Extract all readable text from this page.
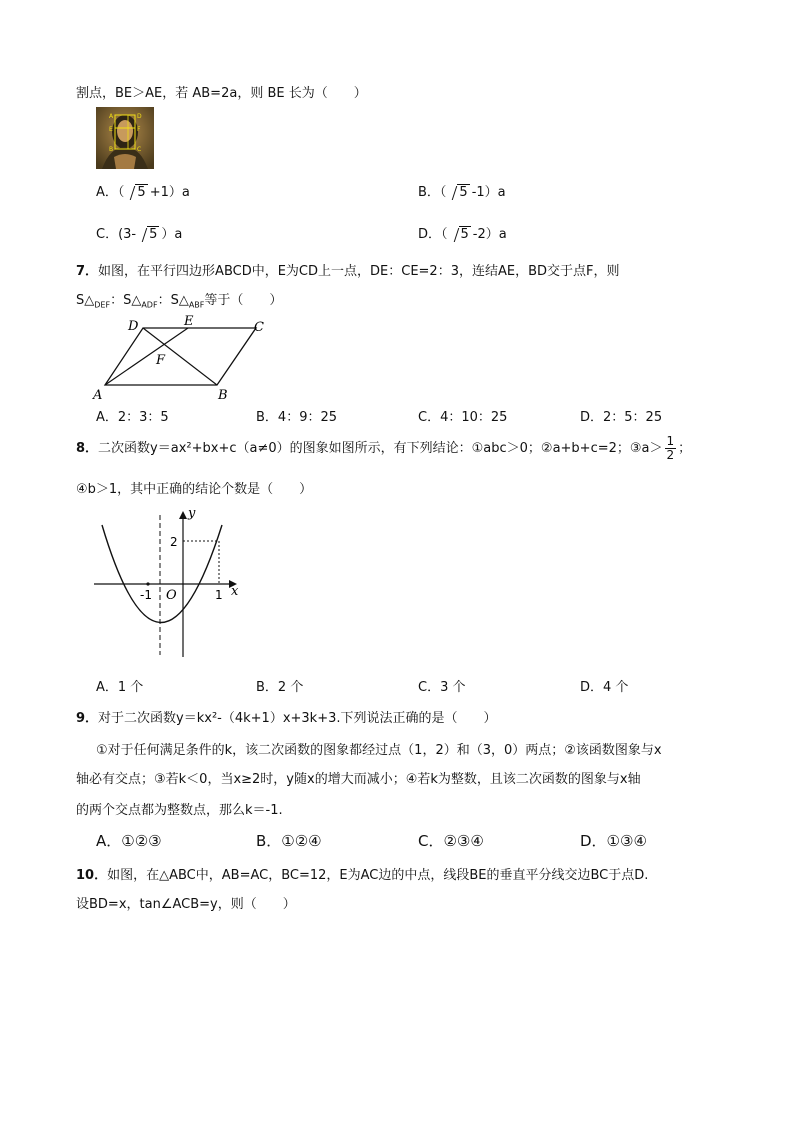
割点，BE＞AE，若 AB=2a，则 BE 长为（　　）
A	D
E	F
B	C
A．（ 5 +1）a	B．（ 5 -1）a
C．(3- 5 ）a	D．（ 5 -2）a
7．如图，在平行四边形ABCD中，E为CD上一点，DE：CE=2：3，连结AE，BD交于点F，则
$S\triangle_{DEF}$：$S\triangle_{ADF}$：$S\triangle_{ABF}$等于（　　）
D	E	C
F
A	B
A．2：3：5	B．4：9：25	C．4：10：25	D．2：5：25
8．二次函数y＝ax²+bx+c（a≠0）的图象如图所示，有下列结论：①abc＞0；②a+b+c=2；③a＞ $\frac{1}{2}$ ；
④b＞1，其中正确的结论个数是（　　）
y
x
2
-1 O	1
A．1 个	B．2 个	C．3 个	D．4 个
9．对于二次函数y＝kx²-（4k+1）x+3k+3.下列说法正确的是（　　）
①对于任何满足条件的k，该二次函数的图象都经过点（1，2）和（3，0）两点；②该函数图象与x
轴必有交点；③若k＜0，当x≥2时，y随x的增大而减小；④若k为整数，且该二次函数的图象与x轴
的两个交点都为整数点，那么k＝-1.
A．①②③	B．①②④	C．②③④	D．①③④
10．如图，在△ABC中，AB=AC，BC=12，E为AC边的中点，线段BE的垂直平分线交边BC于点D.
设BD=x，tan∠ACB=y，则（　　）
